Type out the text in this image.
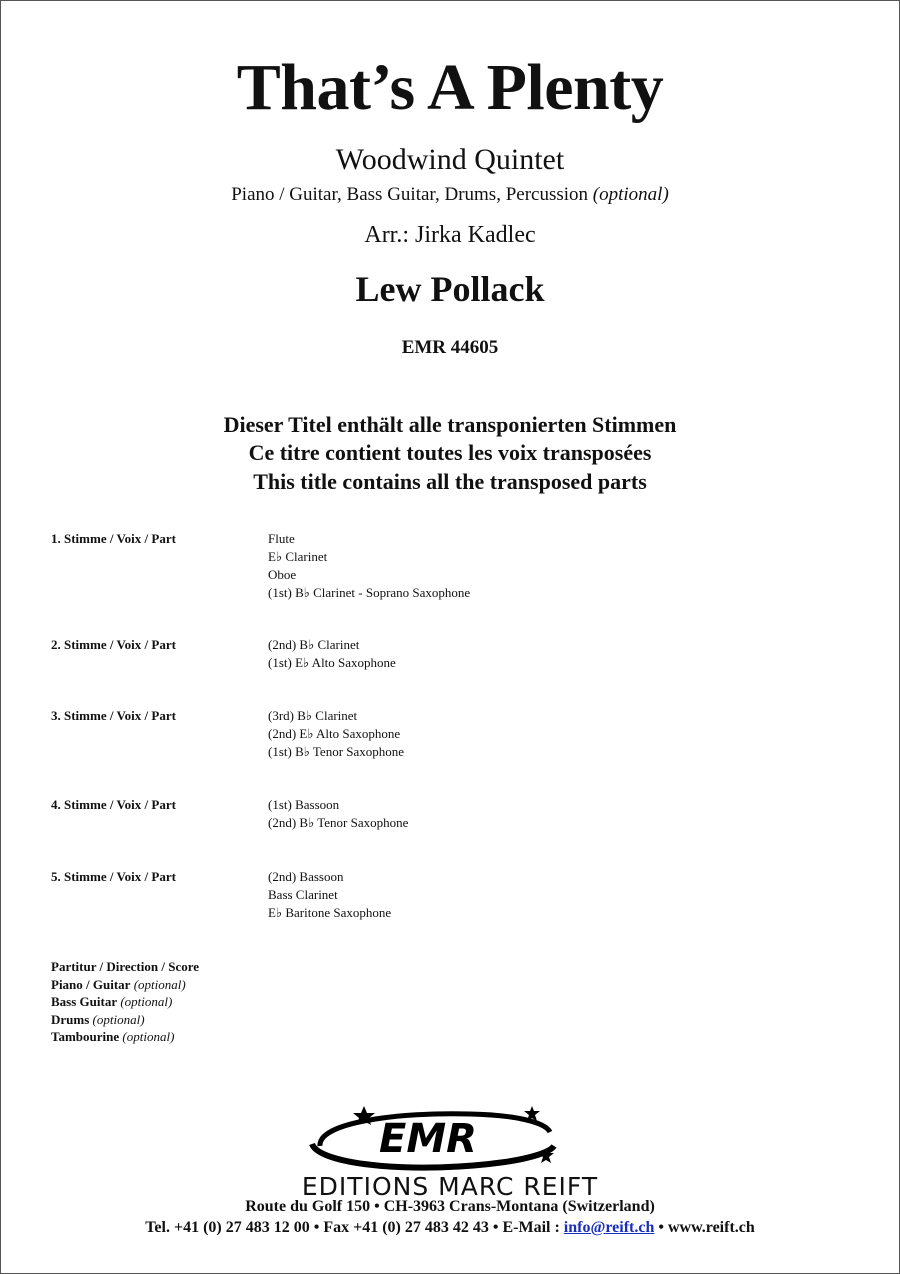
That’s A Plenty
Woodwind Quintet
Piano / Guitar, Bass Guitar, Drums, Percussion (optional)
Arr.: Jirka Kadlec
Lew Pollack
EMR 44605
Dieser Titel enthält alle transponierten Stimmen
Ce titre contient toutes les voix transposées
This title contains all the transposed parts
1. Stimme / Voix / Part	Flute
E♭ Clarinet
Oboe
(1st) B♭ Clarinet - Soprano Saxophone
2. Stimme / Voix / Part	(2nd) B♭ Clarinet
(1st) E♭ Alto Saxophone
3. Stimme / Voix / Part	(3rd) B♭ Clarinet
(2nd) E♭ Alto Saxophone
(1st) B♭ Tenor Saxophone
4. Stimme / Voix / Part	(1st) Bassoon
(2nd) B♭ Tenor Saxophone
5. Stimme / Voix / Part	(2nd) Bassoon
Bass Clarinet
E♭ Baritone Saxophone
Partitur / Direction / Score
Piano / Guitar (optional)
Bass Guitar (optional)
Drums (optional)
Tambourine (optional)
EMR
EDITIONS MARC REIFT
Route du Golf 150 • CH-3963 Crans-Montana (Switzerland)
Tel. +41 (0) 27 483 12 00 • Fax +41 (0) 27 483 42 43 • E-Mail : info@reift.ch • www.reift.ch
